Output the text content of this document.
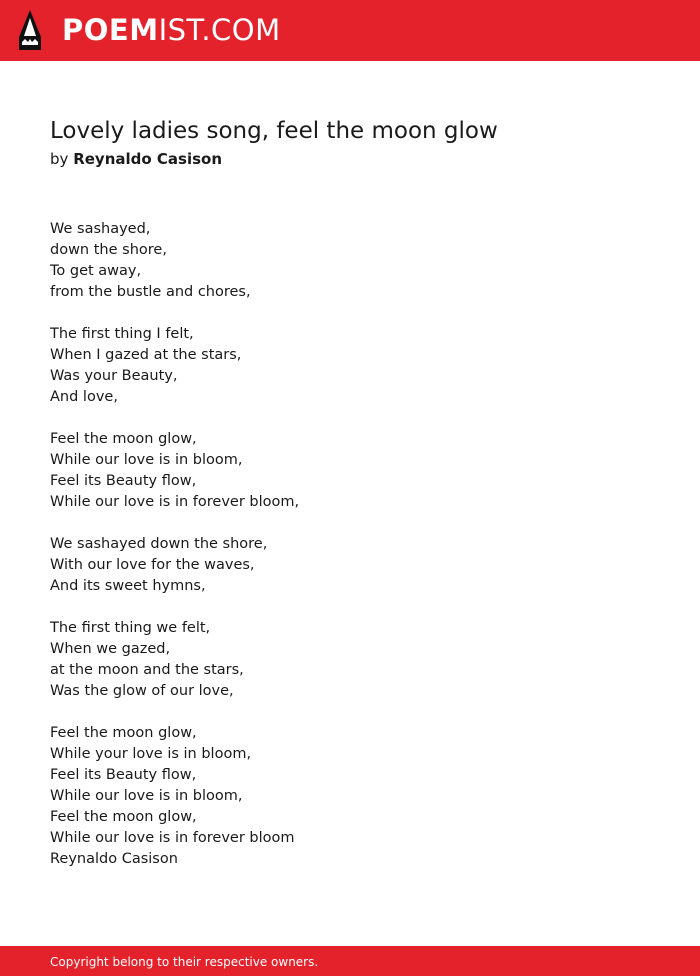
POEMIST.COM
Lovely ladies song, feel the moon glow
by Reynaldo Casison
We sashayed,
down the shore,
To get away,
from the bustle and chores,
The first thing I felt,
When I gazed at the stars,
Was your Beauty,
And love,
Feel the moon glow,
While our love is in bloom,
Feel its Beauty flow,
While our love is in forever bloom,
We sashayed down the shore,
With our love for the waves,
And its sweet hymns,
The first thing we felt,
When we gazed,
at the moon and the stars,
Was the glow of our love,
Feel the moon glow,
While your love is in bloom,
Feel its Beauty flow,
While our love is in bloom,
Feel the moon glow,
While our love is in forever bloom
Reynaldo Casison
Copyright belong to their respective owners.
